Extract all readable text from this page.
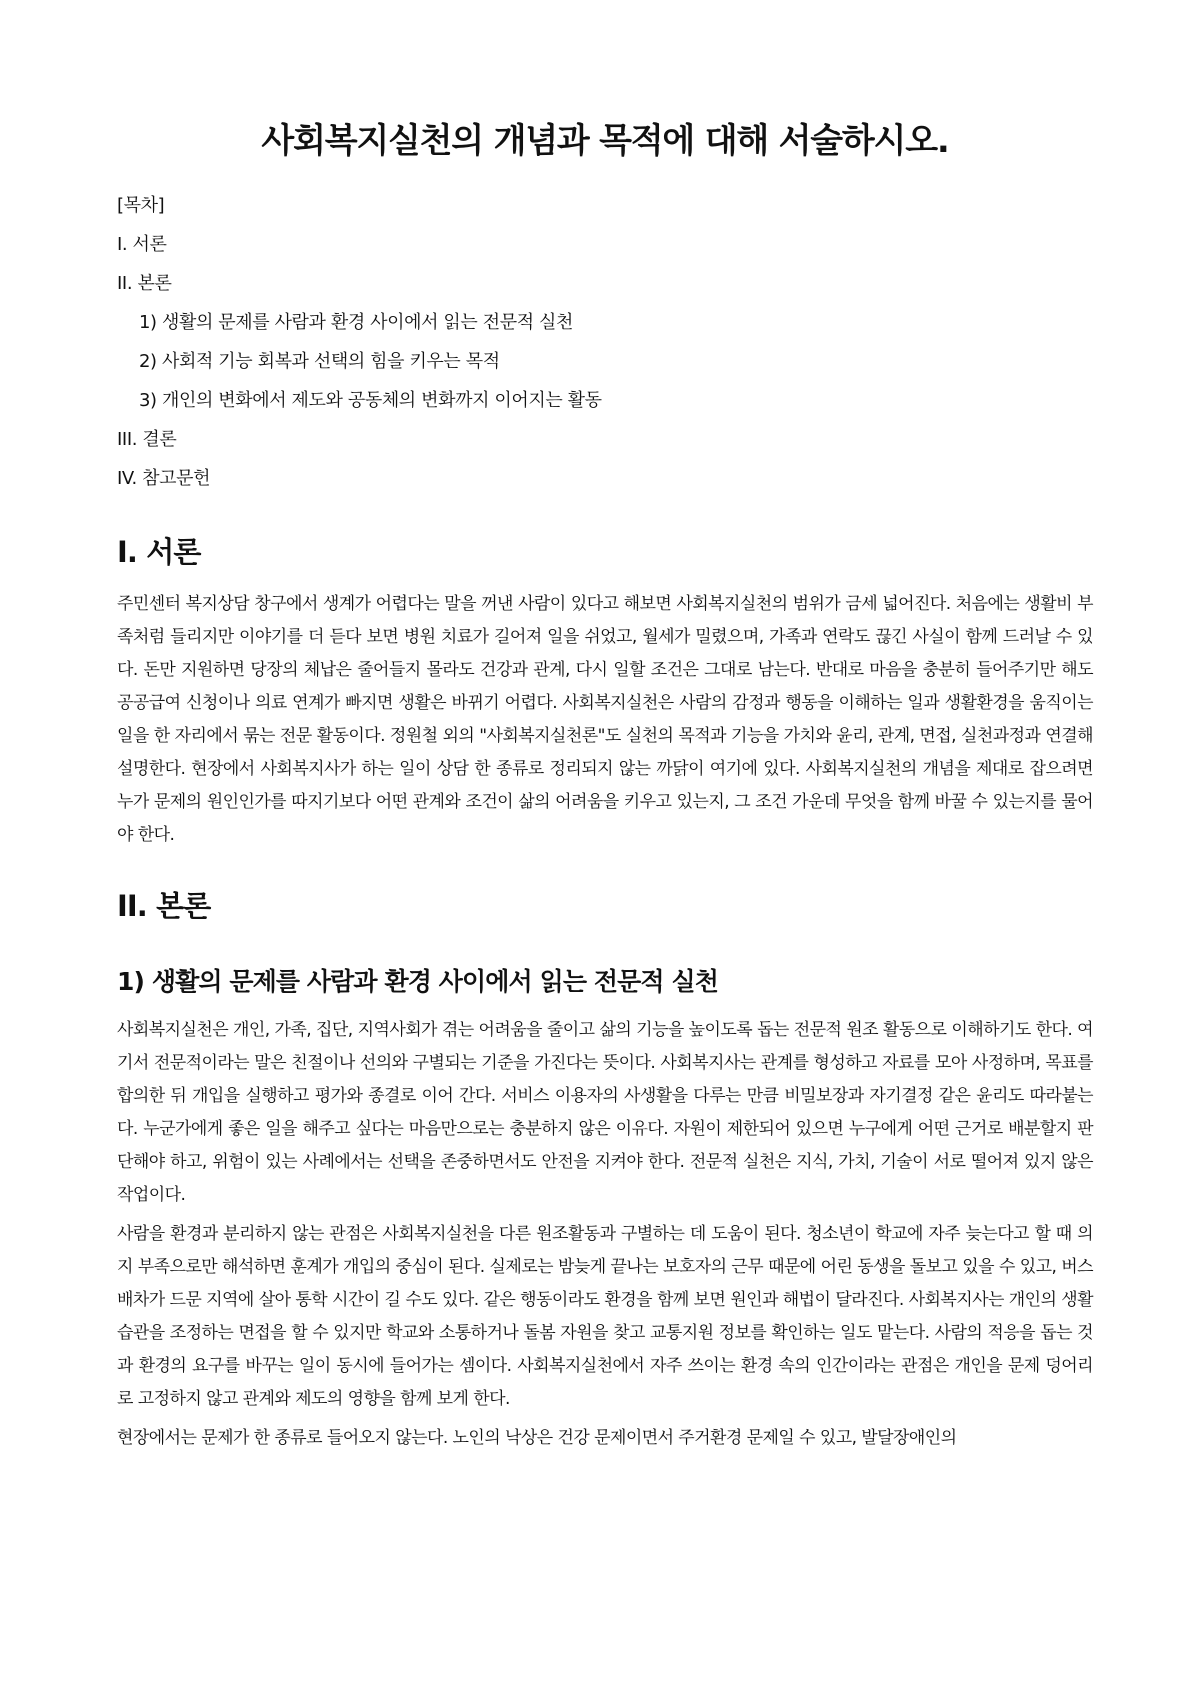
사회복지실천의 개념과 목적에 대해 서술하시오.
[목차]
I. 서론
II. 본론
1) 생활의 문제를 사람과 환경 사이에서 읽는 전문적 실천
2) 사회적 기능 회복과 선택의 힘을 키우는 목적
3) 개인의 변화에서 제도와 공동체의 변화까지 이어지는 활동
III. 결론
IV. 참고문헌
I. 서론

주민센터 복지상담 창구에서 생계가 어렵다는 말을 꺼낸 사람이 있다고 해보면 사회복지실천의 범위가 금세 넓어진다. 처음에는 생활비 부족처럼 들리지만 이야기를 더 듣다 보면 병원 치료가 길어져 일을 쉬었고, 월세가 밀렸으며, 가족과 연락도 끊긴 사실이 함께 드러날 수 있다. 돈만 지원하면 당장의 체납은 줄어들지 몰라도 건강과 관계, 다시 일할 조건은 그대로 남는다. 반대로 마음을 충분히 들어주기만 해도 공공급여 신청이나 의료 연계가 빠지면 생활은 바뀌기 어렵다. 사회복지실천은 사람의 감정과 행동을 이해하는 일과 생활환경을 움직이는 일을 한 자리에서 묶는 전문 활동이다. 정원철 외의 "사회복지실천론"도 실천의 목적과 기능을 가치와 윤리, 관계, 면접, 실천과정과 연결해 설명한다. 현장에서 사회복지사가 하는 일이 상담 한 종류로 정리되지 않는 까닭이 여기에 있다. 사회복지실천의 개념을 제대로 잡으려면 누가 문제의 원인인가를 따지기보다 어떤 관계와 조건이 삶의 어려움을 키우고 있는지, 그 조건 가운데 무엇을 함께 바꿀 수 있는지를 물어야 한다.

II. 본론
1) 생활의 문제를 사람과 환경 사이에서 읽는 전문적 실천

사회복지실천은 개인, 가족, 집단, 지역사회가 겪는 어려움을 줄이고 삶의 기능을 높이도록 돕는 전문적 원조 활동으로 이해하기도 한다. 여기서 전문적이라는 말은 친절이나 선의와 구별되는 기준을 가진다는 뜻이다. 사회복지사는 관계를 형성하고 자료를 모아 사정하며, 목표를 합의한 뒤 개입을 실행하고 평가와 종결로 이어 간다. 서비스 이용자의 사생활을 다루는 만큼 비밀보장과 자기결정 같은 윤리도 따라붙는다. 누군가에게 좋은 일을 해주고 싶다는 마음만으로는 충분하지 않은 이유다. 자원이 제한되어 있으면 누구에게 어떤 근거로 배분할지 판단해야 하고, 위험이 있는 사례에서는 선택을 존중하면서도 안전을 지켜야 한다. 전문적 실천은 지식, 가치, 기술이 서로 떨어져 있지 않은 작업이다.

사람을 환경과 분리하지 않는 관점은 사회복지실천을 다른 원조활동과 구별하는 데 도움이 된다. 청소년이 학교에 자주 늦는다고 할 때 의지 부족으로만 해석하면 훈계가 개입의 중심이 된다. 실제로는 밤늦게 끝나는 보호자의 근무 때문에 어린 동생을 돌보고 있을 수 있고, 버스 배차가 드문 지역에 살아 통학 시간이 길 수도 있다. 같은 행동이라도 환경을 함께 보면 원인과 해법이 달라진다. 사회복지사는 개인의 생활습관을 조정하는 면접을 할 수 있지만 학교와 소통하거나 돌봄 자원을 찾고 교통지원 정보를 확인하는 일도 맡는다. 사람의 적응을 돕는 것과 환경의 요구를 바꾸는 일이 동시에 들어가는 셈이다. 사회복지실천에서 자주 쓰이는 환경 속의 인간이라는 관점은 개인을 문제 덩어리로 고정하지 않고 관계와 제도의 영향을 함께 보게 한다.

현장에서는 문제가 한 종류로 들어오지 않는다. 노인의 낙상은 건강 문제이면서 주거환경 문제일 수 있고, 발달장애인의
